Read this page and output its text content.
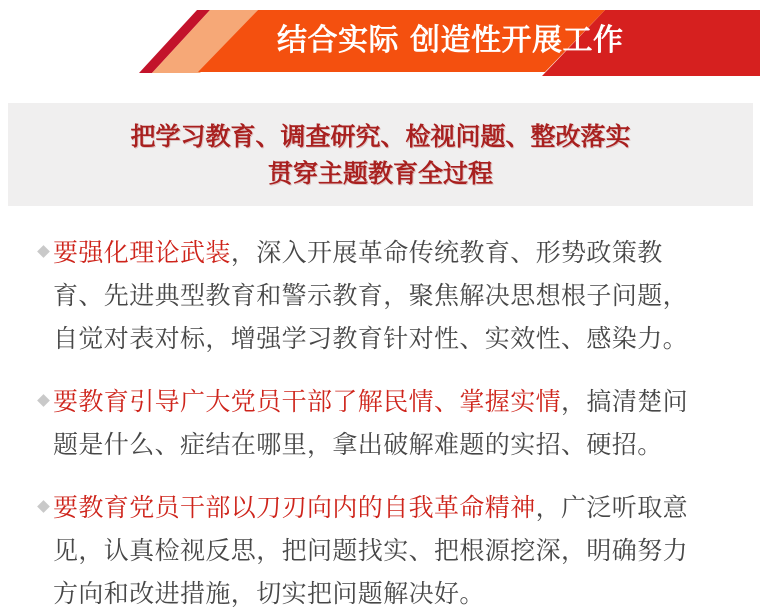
结合实际 创造性开展工作
把学习教育、调查研究、检视问题、整改落实
贯穿主题教育全过程
要强化理论武装，深入开展革命传统教育、形势政策教育、先进典型教育和警示教育，聚焦解决思想根子问题，自觉对表对标，增强学习教育针对性、实效性、感染力。
要教育引导广大党员干部了解民情、掌握实情，搞清楚问题是什么、症结在哪里，拿出破解难题的实招、硬招。
要教育党员干部以刀刃向内的自我革命精神，广泛听取意见，认真检视反思，把问题找实、把根源挖深，明确努力方向和改进措施，切实把问题解决好。
